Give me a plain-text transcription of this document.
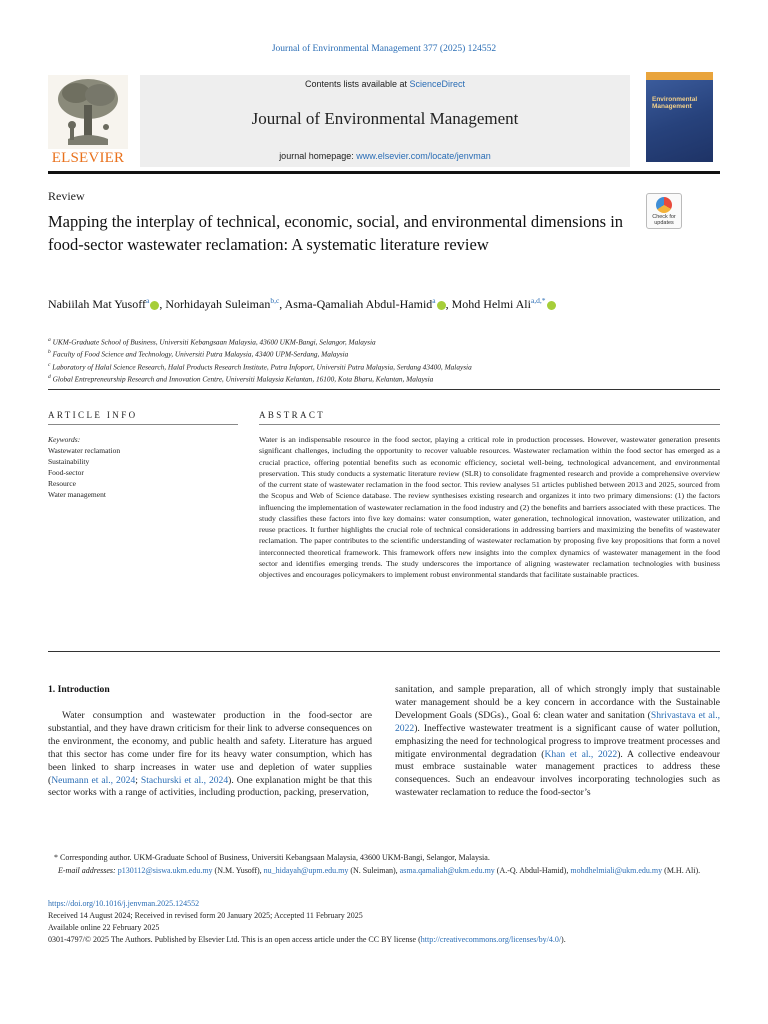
Journal of Environmental Management 377 (2025) 124552
ELSEVIER
Contents lists available at ScienceDirect
Journal of Environmental Management
journal homepage: www.elsevier.com/locate/jenvman
Environmental Management
Review
Check for updates
Mapping the interplay of technical, economic, social, and environmental dimensions in food-sector wastewater reclamation: A systematic literature review
Nabiilah Mat Yusoff$^a$ , Norhidayah Suleiman$^{b,c}$, Asma-Qamaliah Abdul-Hamid$^a$ , Mohd Helmi Ali$^{a,d,*}$
$^a$ UKM-Graduate School of Business, Universiti Kebangsaan Malaysia, 43600 UKM-Bangi, Selangor, Malaysia
$^b$ Faculty of Food Science and Technology, Universiti Putra Malaysia, 43400 UPM-Serdang, Malaysia
$^c$ Laboratory of Halal Science Research, Halal Products Research Institute, Putra Infoport, Universiti Putra Malaysia, Serdang 43400, Malaysia
$^d$ Global Entrepreneurship Research and Innovation Centre, Universiti Malaysia Kelantan, 16100, Kota Bharu, Kelantan, Malaysia
ARTICLE INFO	ABSTRACT
Keywords:
Wastewater reclamation
Sustainability
Food-sector
Resource
Water management
Water is an indispensable resource in the food sector, playing a critical role in production processes. However, wastewater generation presents significant challenges, including the opportunity to recover valuable resources. Wastewater reclamation within the food sector has emerged as a crucial practice, offering potential benefits such as economic efficiency, societal well-being, technological advancement, and environmental preservation. This study conducts a systematic literature review (SLR) to consolidate fragmented research and provide a comprehensive overview of the current state of wastewater reclamation in the food sector. This review analyses 51 articles published between 2013 and 2025, sourced from the Scopus and Web of Science database. The review synthesises existing research and organizes it into two primary dimensions: (1) the factors influencing the implementation of wastewater reclamation in the food industry and (2) the benefits and barriers associated with these practices. The study classifies these factors into five key domains: water consumption, water generation, technological innovation, wastewater utilization, and reuse practices. It further highlights the crucial role of technical considerations in addressing barriers and maximizing the benefits of wastewater reclamation. The paper contributes to the scientific understanding of wastewater reclamation by proposing five key propositions that form a novel interconnected theoretical framework. This framework offers new insights into the complex dynamics of wastewater management in the food sector and identifies emerging trends. The study underscores the importance of aligning wastewater reclamation technologies with business objectives and encourages policymakers to implement robust environmental standards that facilitate sustainable practices.
1. Introduction
Water consumption and wastewater production in the food-sector are substantial, and they have drawn criticism for their link to adverse consequences on the environment, the economy, and public health and safety. Literature has argued that this sector has come under fire for its heavy water consumption, which has been linked to sharp increases in water use and depletion of water supplies (Neumann et al., 2024; Stachurski et al., 2024). One explanation might be that this sector works with a range of activities, including production, packing, preservation,
sanitation, and sample preparation, all of which strongly imply that sustainable water management should be a key concern in accordance with the Sustainable Development Goals (SDGs)., Goal 6: clean water and sanitation (Shrivastava et al., 2022). Ineffective wastewater treatment is a significant cause of water pollution, emphasizing the need for technological progress to improve treatment processes and mitigate environmental degradation (Khan et al., 2022). A collective endeavour must embrace sustainable water management practices to address these consequences. Such an endeavour involves incorporating technologies such as wastewater reclamation to reduce the food-sector’s
* Corresponding author. UKM-Graduate School of Business, Universiti Kebangsaan Malaysia, 43600 UKM-Bangi, Selangor, Malaysia.
E-mail addresses: p130112@siswa.ukm.edu.my (N.M. Yusoff), nu_hidayah@upm.edu.my (N. Suleiman), asma.qamaliah@ukm.edu.my (A.-Q. Abdul-Hamid), mohdhelmiali@ukm.edu.my (M.H. Ali).
https://doi.org/10.1016/j.jenvman.2025.124552
Received 14 August 2024; Received in revised form 20 January 2025; Accepted 11 February 2025
Available online 22 February 2025
0301-4797/© 2025 The Authors. Published by Elsevier Ltd. This is an open access article under the CC BY license (http://creativecommons.org/licenses/by/4.0/).
